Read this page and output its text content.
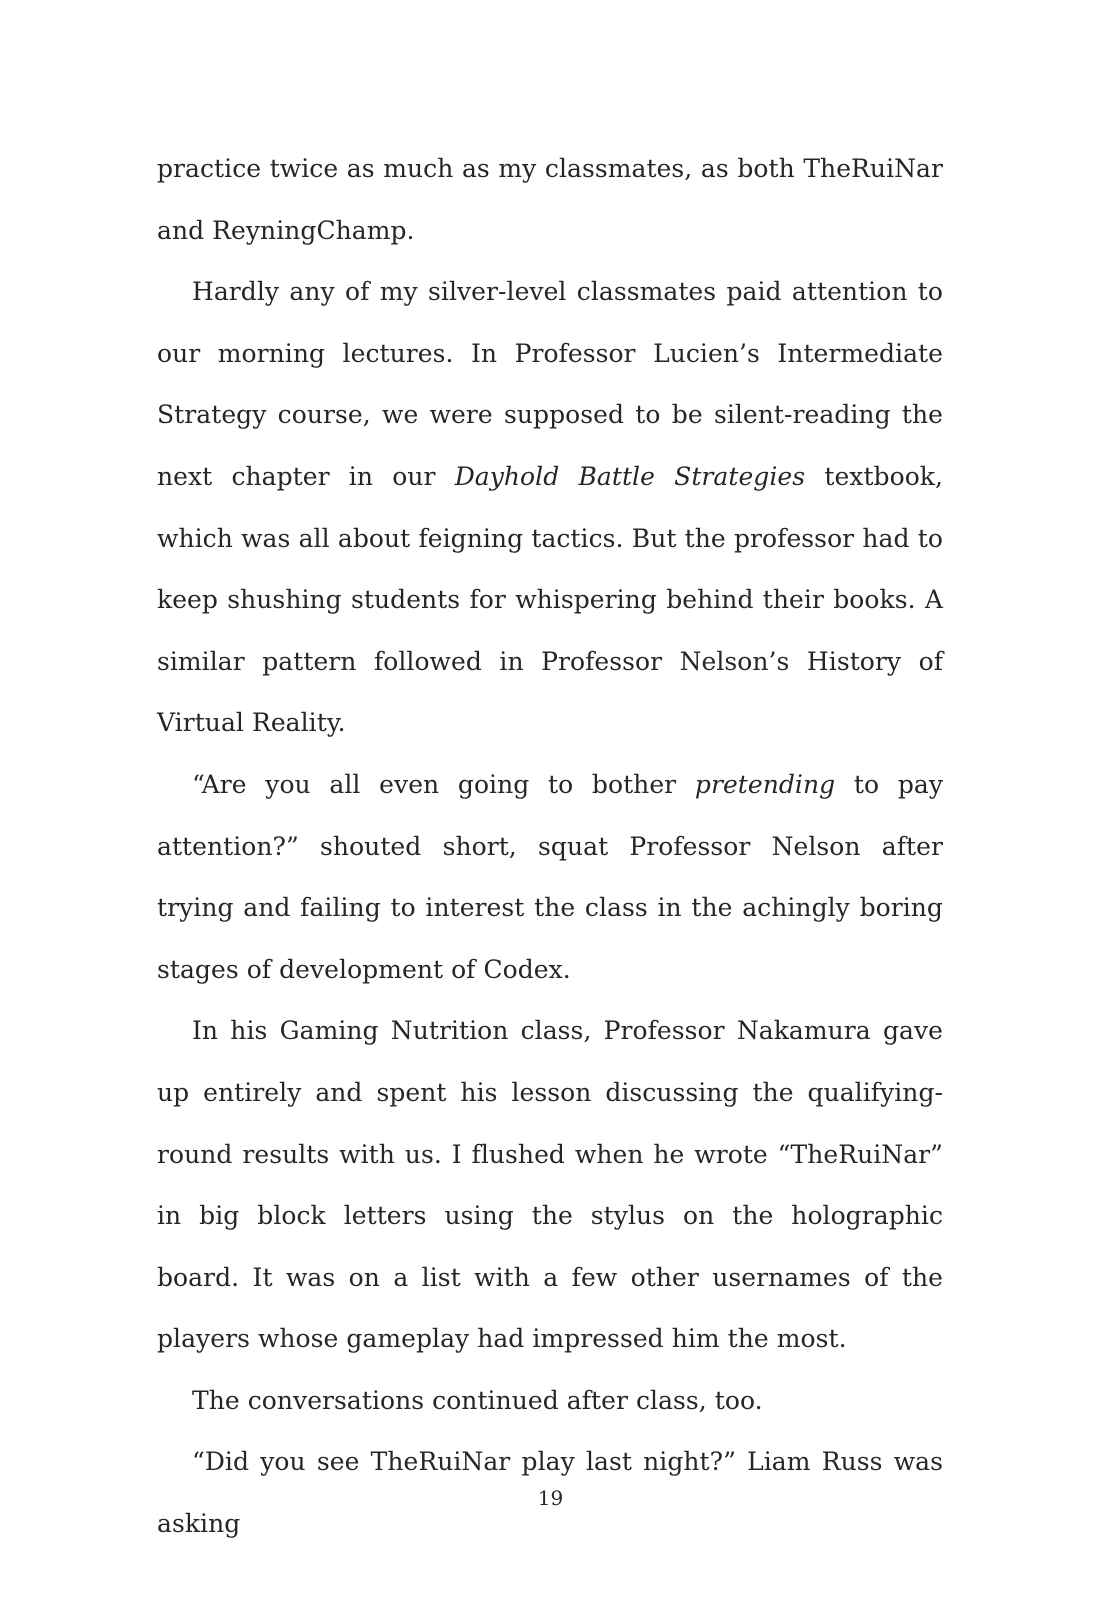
practice twice as much as my classmates, as both TheRuiNar and ReyningChamp.

Hardly any of my silver-level classmates paid attention to our morning lectures. In Professor Lucien’s Intermediate Strategy course, we were supposed to be silent-reading the next chapter in our Dayhold Battle Strategies textbook, which was all about feigning tactics. But the professor had to keep shushing students for whispering behind their books. A similar pattern followed in Professor Nelson’s History of Virtual Reality.

“Are you all even going to bother pretending to pay attention?” shouted short, squat Professor Nelson after trying and failing to interest the class in the achingly boring stages of development of Codex.

In his Gaming Nutrition class, Professor Nakamura gave up entirely and spent his lesson discussing the qualifying-round results with us. I flushed when he wrote “TheRuiNar” in big block letters using the stylus on the holographic board. It was on a list with a few other usernames of the players whose gameplay had impressed him the most.

The conversations continued after class, too.

“Did you see TheRuiNar play last night?” Liam Russ was asking

19
